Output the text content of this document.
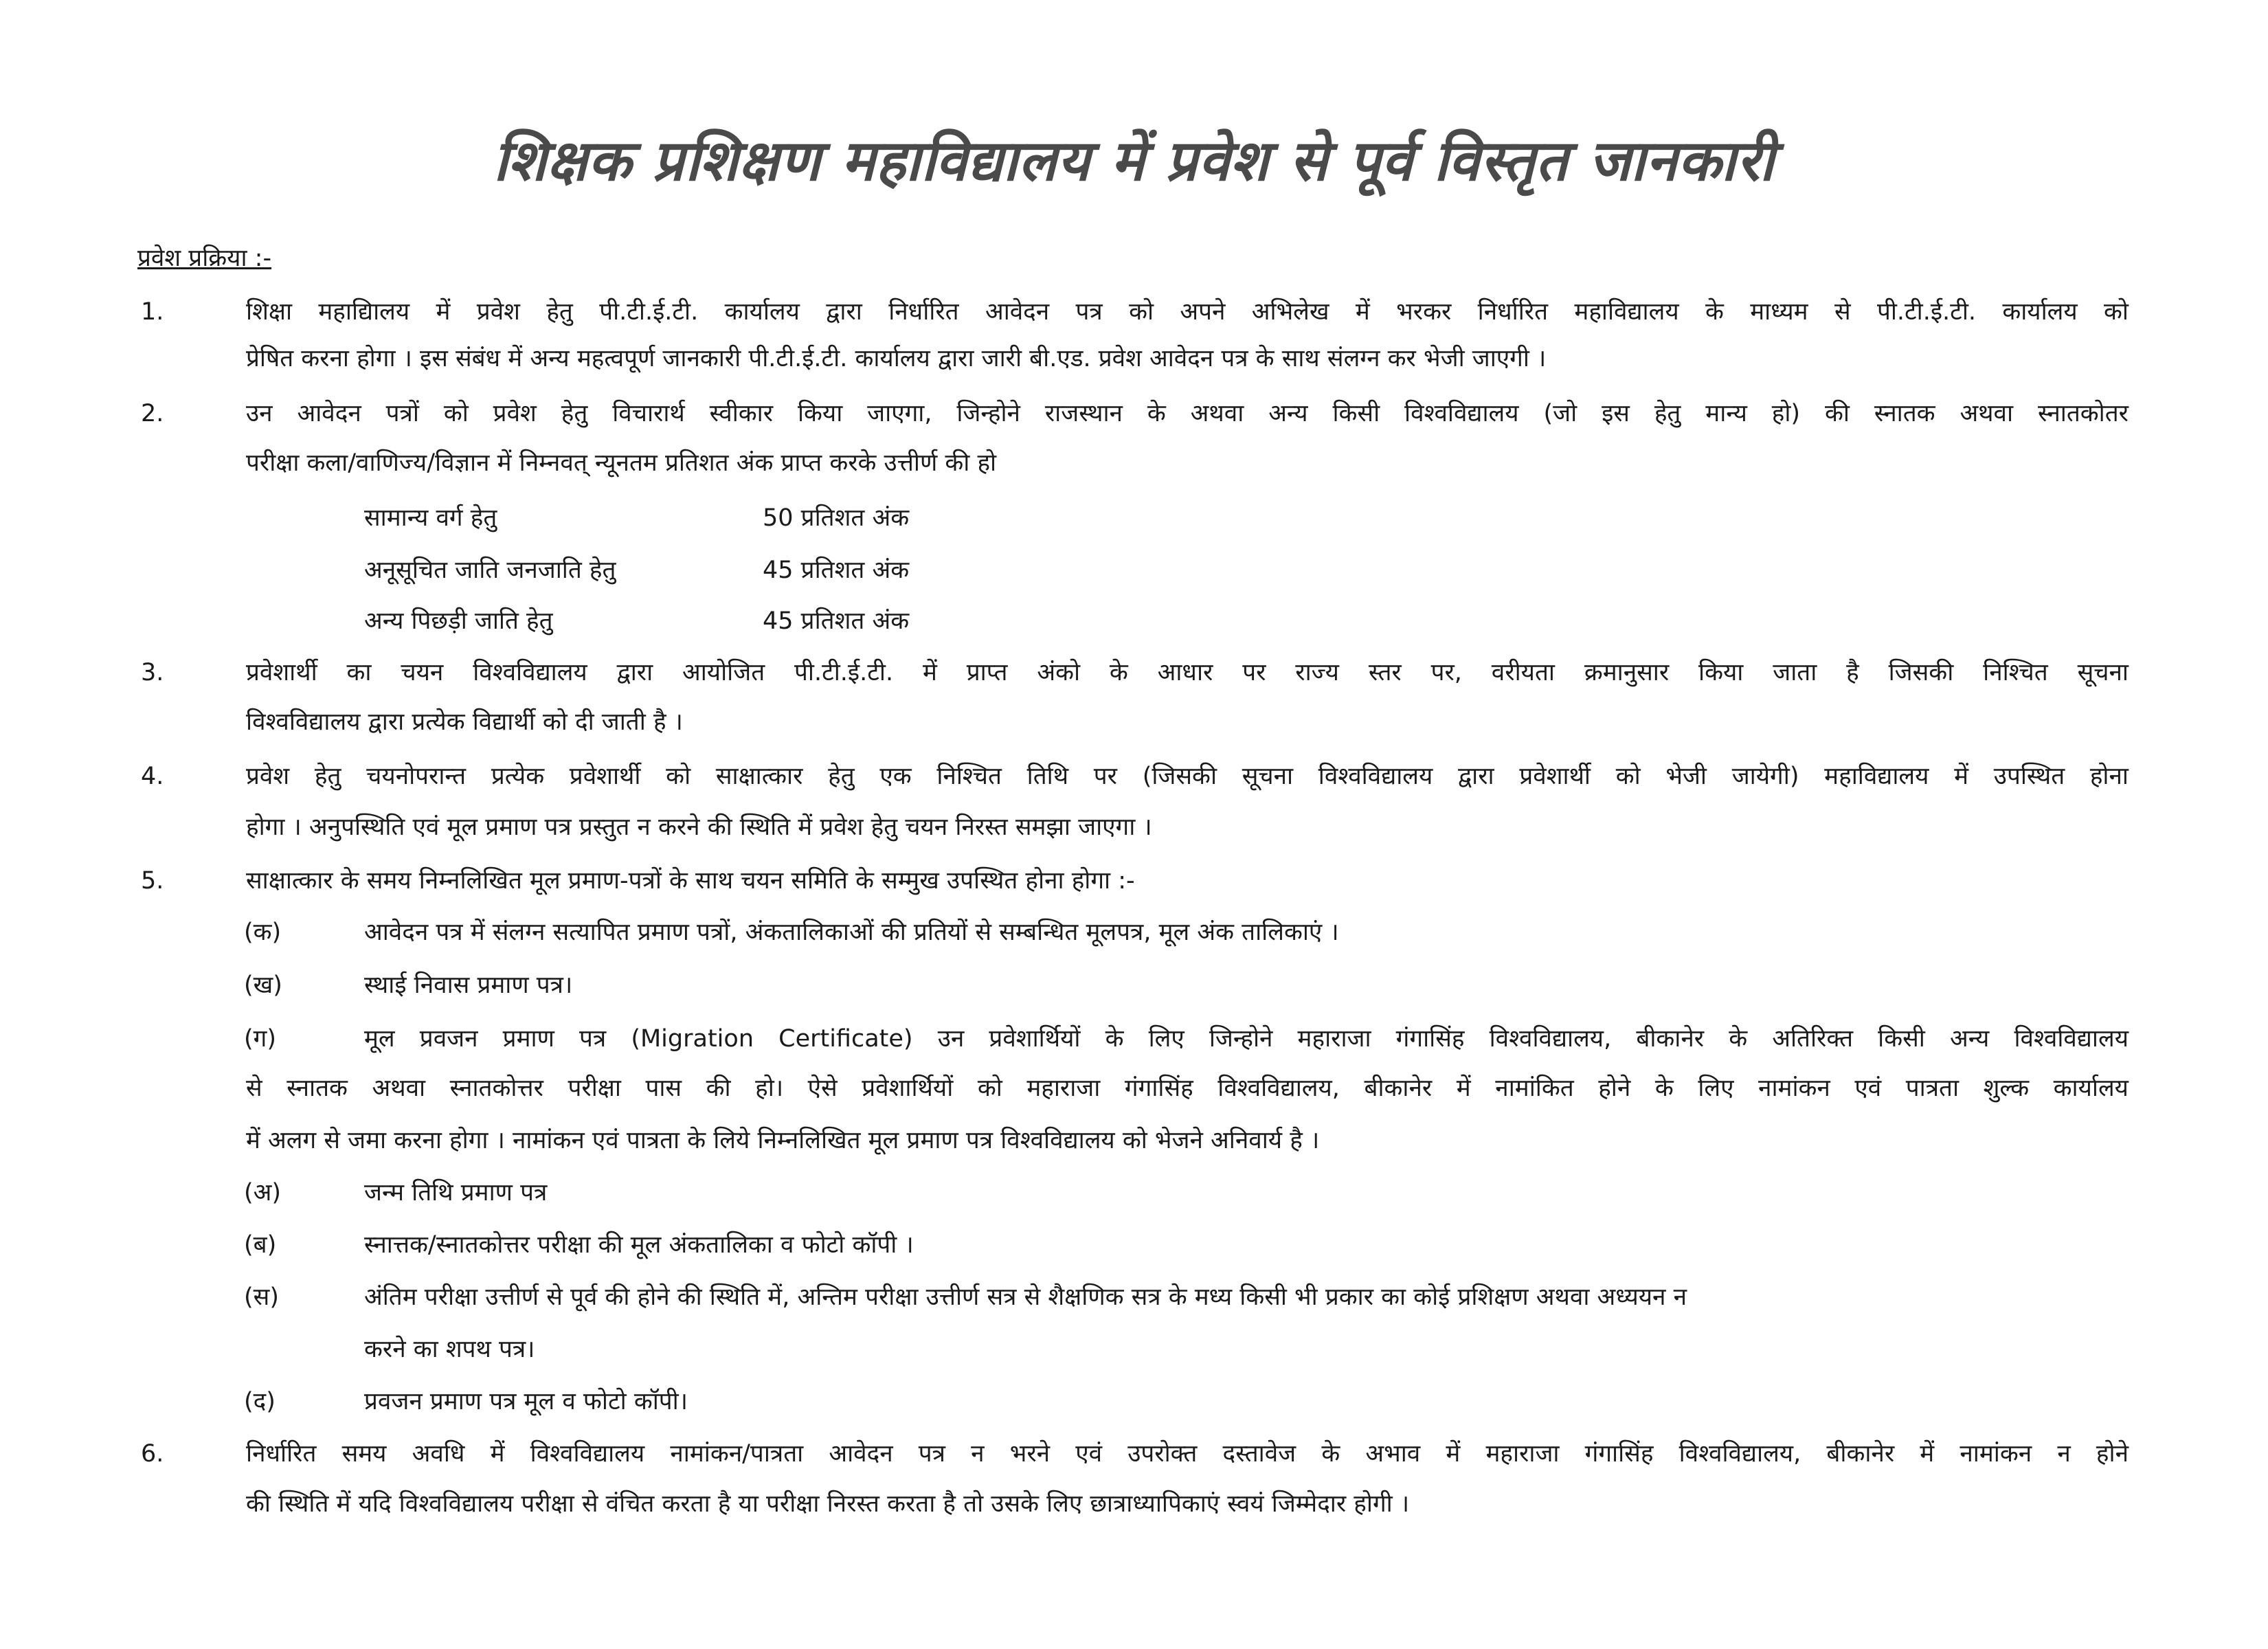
शिक्षक प्रशिक्षण महाविद्यालय में प्रवेश से पूर्व विस्तृत जानकारी
प्रवेश प्रक्रिया :-
1.	शिक्षा महाद्यिालय में प्रवेश हेतु पी.टी.ई.टी. कार्यालय द्वारा निर्धारित आवेदन पत्र को अपने अभिलेख में भरकर निर्धारित महाविद्यालय के माध्यम से पी.टी.ई.टी. कार्यालय को
प्रेषित करना होगा । इस संबंध में अन्य महत्वपूर्ण जानकारी पी.टी.ई.टी. कार्यालय द्वारा जारी बी.एड. प्रवेश आवेदन पत्र के साथ संलग्न कर भेजी जाएगी ।
2.	उन आवेदन पत्रों को प्रवेश हेतु विचारार्थ स्वीकार किया जाएगा, जिन्होने राजस्थान के अथवा अन्य किसी विश्वविद्यालय (जो इस हेतु मान्य हो) की स्नातक अथवा स्नातकोतर
परीक्षा कला/वाणिज्य/विज्ञान में निम्नवत् न्यूनतम प्रतिशत अंक प्राप्त करके उत्तीर्ण की हो
सामान्य वर्ग हेतु	50 प्रतिशत अंक
अनूसूचित जाति जनजाति हेतु	45 प्रतिशत अंक
अन्य पिछड़ी जाति हेतु	45 प्रतिशत अंक
3.	प्रवेशार्थी का चयन विश्वविद्यालय द्वारा आयोजित पी.टी.ई.टी. में प्राप्त अंको के आधार पर राज्य स्तर पर, वरीयता क्रमानुसार किया जाता है जिसकी निश्चित सूचना
विश्वविद्यालय द्वारा प्रत्येक विद्यार्थी को दी जाती है ।
4.	प्रवेश हेतु चयनोपरान्त प्रत्येक प्रवेशार्थी को साक्षात्कार हेतु एक निश्चित तिथि पर (जिसकी सूचना विश्वविद्यालय द्वारा प्रवेशार्थी को भेजी जायेगी) महाविद्यालय में उपस्थित होना
होगा । अनुपस्थिति एवं मूल प्रमाण पत्र प्रस्तुत न करने की स्थिति में प्रवेश हेतु चयन निरस्त समझा जाएगा ।
5.	साक्षात्कार के समय निम्नलिखित मूल प्रमाण-पत्रों के साथ चयन समिति के सम्मुख उपस्थित होना होगा :-
(क)	आवेदन पत्र में संलग्न सत्यापित प्रमाण पत्रों, अंकतालिकाओं की प्रतियों से सम्बन्धित मूलपत्र, मूल अंक तालिकाएं ।
(ख)	स्थाई निवास प्रमाण पत्र।
(ग)	मूल प्रवजन प्रमाण पत्र (Migration Certificate) उन प्रवेशार्थियों के लिए जिन्होने महाराजा गंगासिंह विश्वविद्यालय, बीकानेर के अतिरिक्त किसी अन्य विश्वविद्यालय
से स्नातक अथवा स्नातकोत्तर परीक्षा पास की हो। ऐसे प्रवेशार्थियों को महाराजा गंगासिंह विश्वविद्यालय, बीकानेर में नामांकित होने के लिए नामांकन एवं पात्रता शुल्क कार्यालय
में अलग से जमा करना होगा । नामांकन एवं पात्रता के लिये निम्नलिखित मूल प्रमाण पत्र विश्वविद्यालय को भेजने अनिवार्य है ।
(अ)	जन्म तिथि प्रमाण पत्र
(ब)	स्नात्तक/स्नातकोत्तर परीक्षा की मूल अंकतालिका व फोटो कॉपी ।
(स)	अंतिम परीक्षा उत्तीर्ण से पूर्व की होने की स्थिति में, अन्तिम परीक्षा उत्तीर्ण सत्र से शैक्षणिक सत्र के मध्य किसी भी प्रकार का कोई प्रशिक्षण अथवा अध्ययन न
करने का शपथ पत्र।
(द)	प्रवजन प्रमाण पत्र मूल व फोटो कॉपी।
6.	निर्धारित समय अवधि में विश्वविद्यालय नामांकन/पात्रता आवेदन पत्र न भरने एवं उपरोक्त दस्तावेज के अभाव में महाराजा गंगासिंह विश्वविद्यालय, बीकानेर में नामांकन न होने
की स्थिति में यदि विश्वविद्यालय परीक्षा से वंचित करता है या परीक्षा निरस्त करता है तो उसके लिए छात्राध्यापिकाएं स्वयं जिम्मेदार होगी ।
